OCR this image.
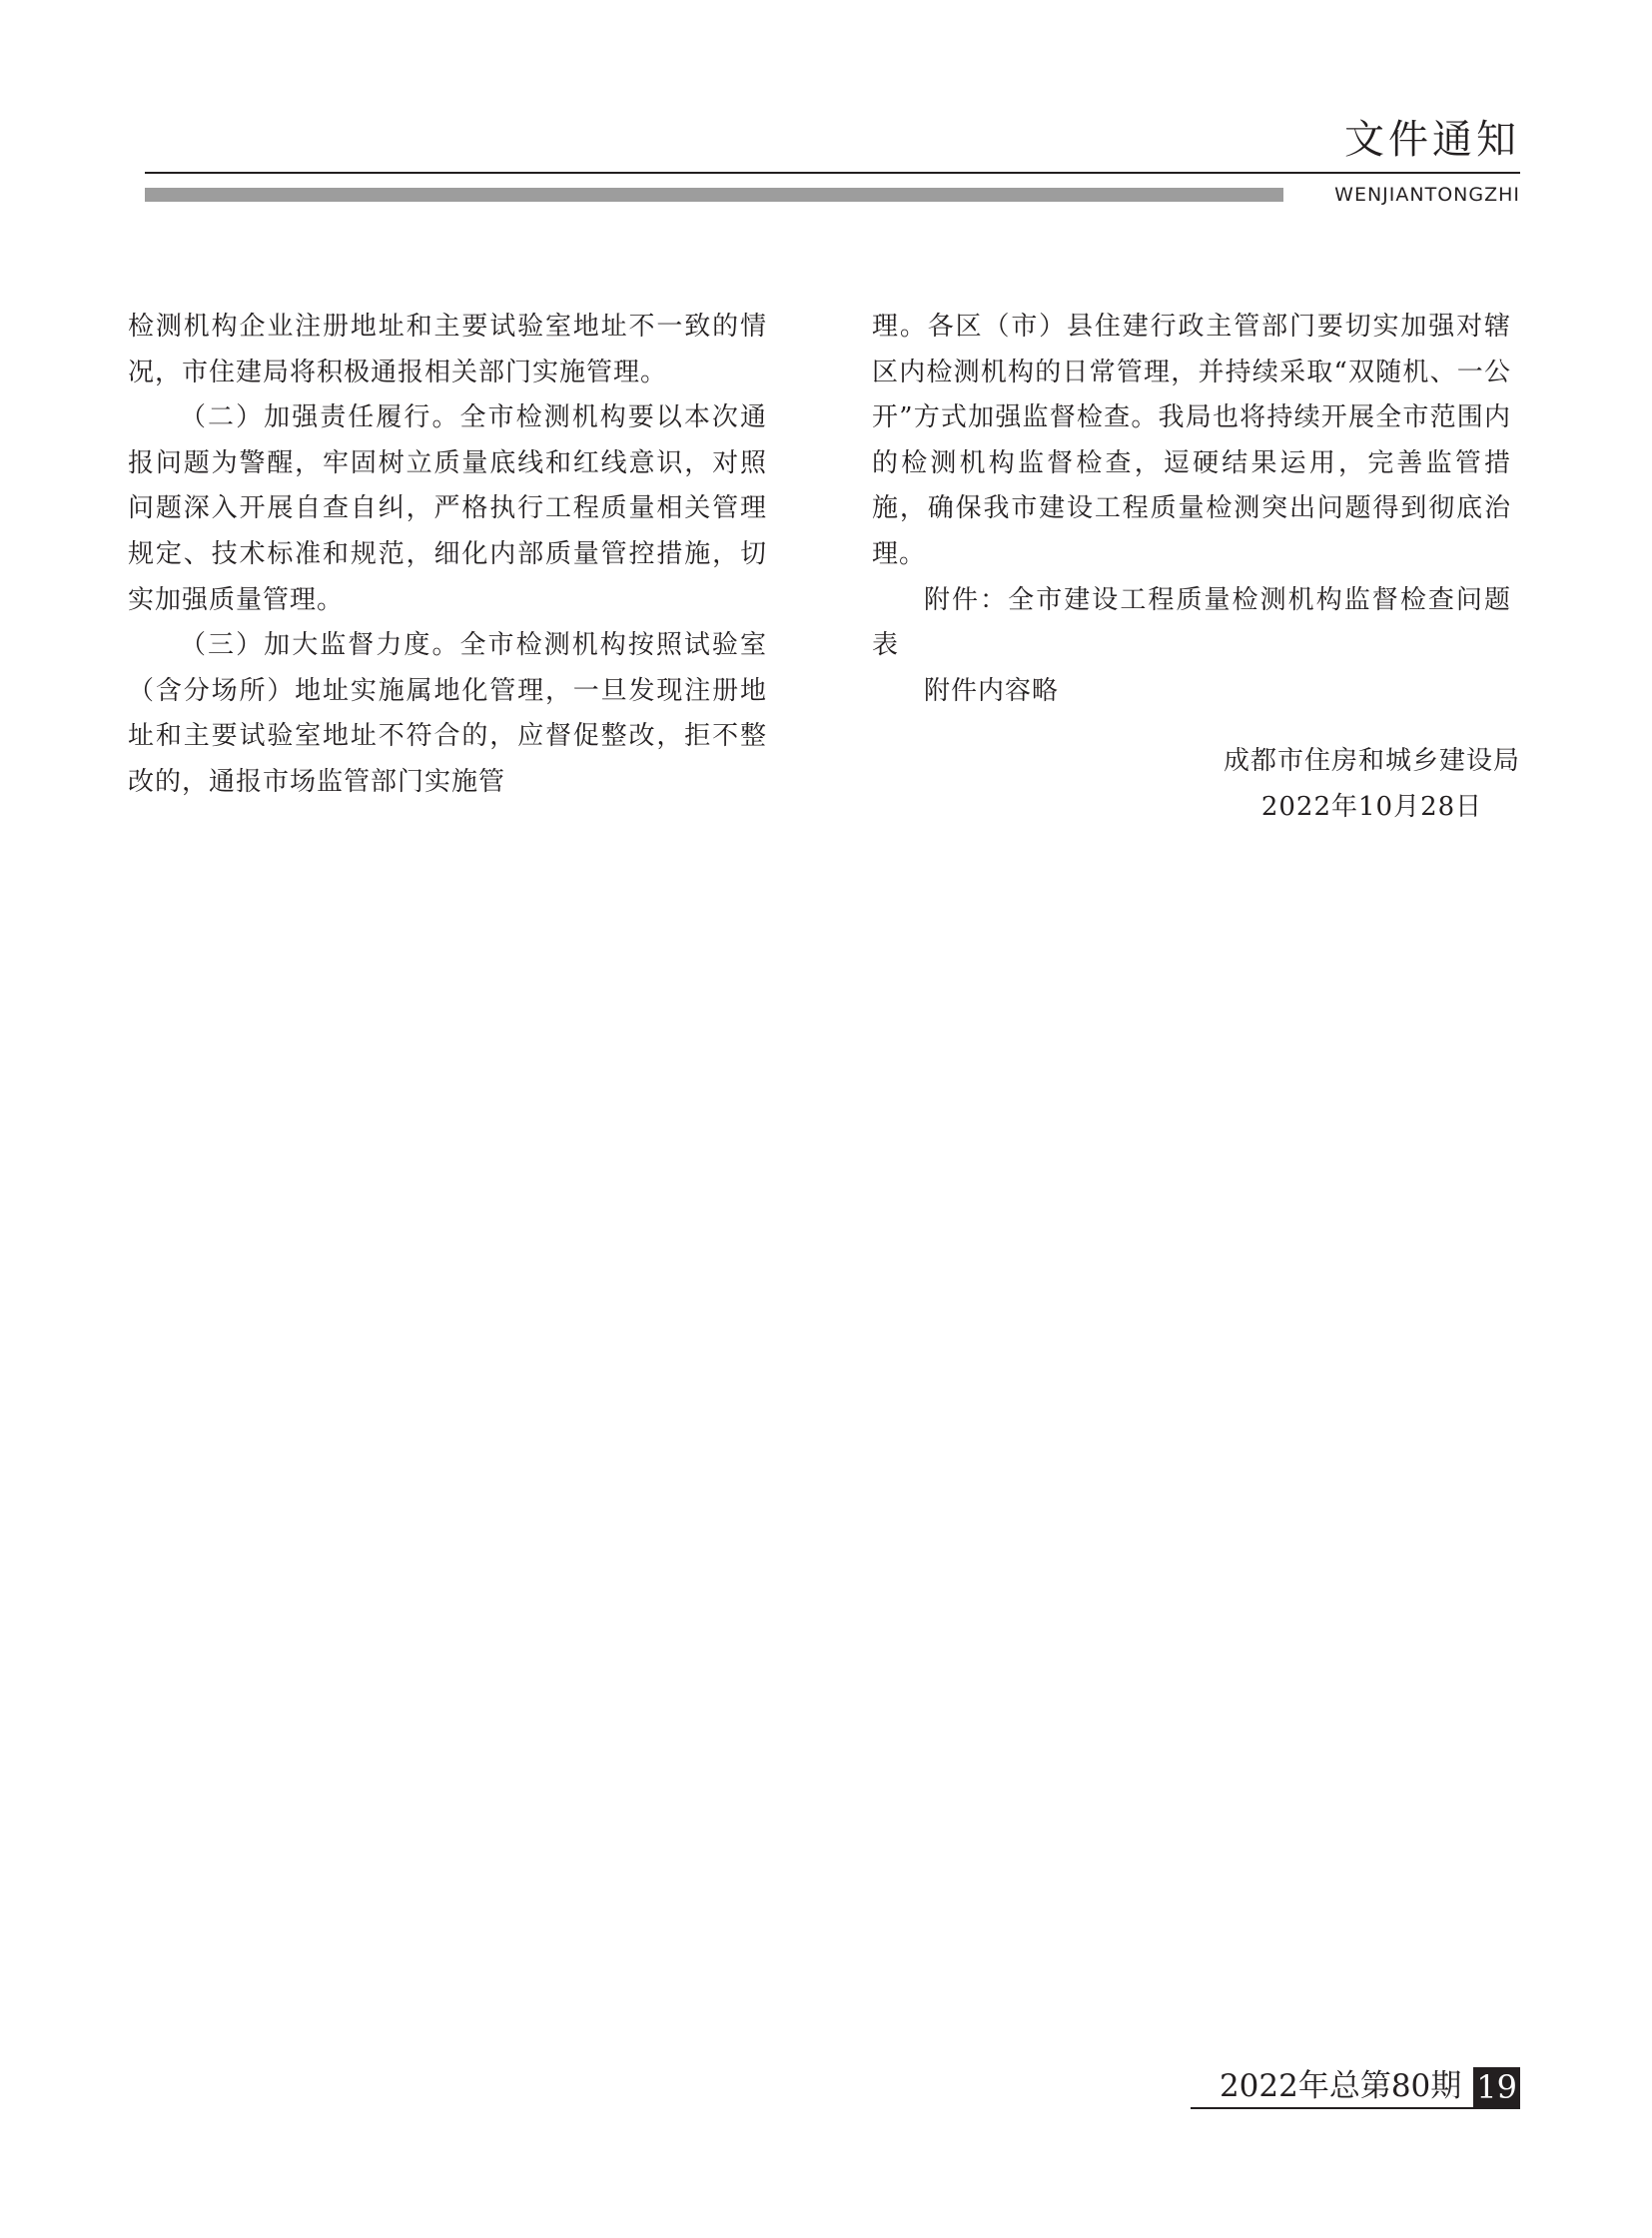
文件通知
WENJIANTONGZHI

检测机构企业注册地址和主要试验室地址不一致的情况，市住建局将积极通报相关部门实施管理。

（二）加强责任履行。全市检测机构要以本次通报问题为警醒，牢固树立质量底线和红线意识，对照问题深入开展自查自纠，严格执行工程质量相关管理规定、技术标准和规范，细化内部质量管控措施，切实加强质量管理。

（三）加大监督力度。全市检测机构按照试验室（含分场所）地址实施属地化管理，一旦发现注册地址和主要试验室地址不符合的，应督促整改，拒不整改的，通报市场监管部门实施管

理。各区（市）县住建行政主管部门要切实加强对辖区内检测机构的日常管理，并持续采取“双随机、一公开”方式加强监督检查。我局也将持续开展全市范围内的检测机构监督检查，逗硬结果运用，完善监管措施，确保我市建设工程质量检测突出问题得到彻底治理。

附件：全市建设工程质量检测机构监督检查问题表

附件内容略

成都市住房和城乡建设局
2022年10月28日
2022年总第80期 19
